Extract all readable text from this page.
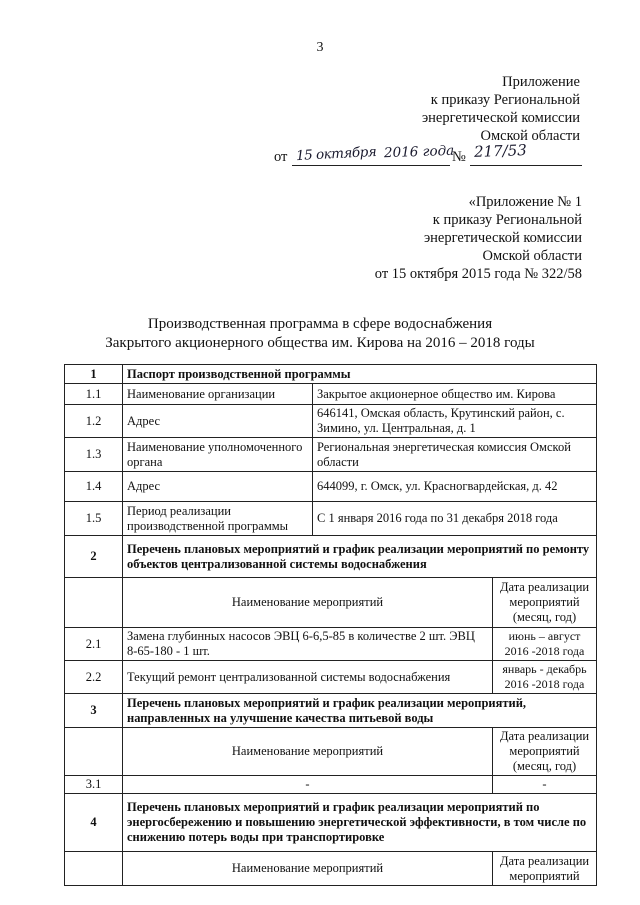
3
Приложение
к приказу Региональной
энергетической комиссии
Омской области
от 15 октября 2016 года
№ 217/53
«Приложение № 1
к приказу Региональной
энергетической комиссии
Омской области
от 15 октября 2015 года № 322/58
Производственная программа в сфере водоснабжения
Закрытого акционерного общества им. Кирова на 2016 – 2018 годы
1	Паспорт производственной программы		
1.1	Наименование организации	Закрытое акционерное общество им. Кирова	
1.2	Адрес	646141, Омская область, Крутинский район, с. Зимино, ул. Центральная, д. 1	
1.3	Наименование уполномоченного органа	Региональная энергетическая комиссия Омской области	
1.4	Адрес	644099, г. Омск, ул. Красногвардейская, д. 42	
1.5	Период реализации производственной программы	С 1 января 2016 года по 31 декабря 2018 года	
2	Перечень плановых мероприятий и график реализации мероприятий по ремонту объектов централизованной системы водоснабжения		
	Наименование мероприятий		Дата реализации мероприятий (месяц, год)
2.1	Замена глубинных насосов ЭВЦ 6-6,5-85 в количестве 2 шт. ЭВЦ 8-65-180 - 1 шт.		июнь – август 2016 -2018 года
2.2	Текущий ремонт централизованной системы водоснабжения		январь - декабрь 2016 -2018 года
3	Перечень плановых мероприятий и график реализации мероприятий, направленных на улучшение качества питьевой воды		
	Наименование мероприятий		Дата реализации мероприятий (месяц, год)
3.1	-		-
4	Перечень плановых мероприятий и график реализации мероприятий по энергосбережению и повышению энергетической эффективности, в том числе по снижению потерь воды при транспортировке		
	Наименование мероприятий		Дата реализации мероприятий
